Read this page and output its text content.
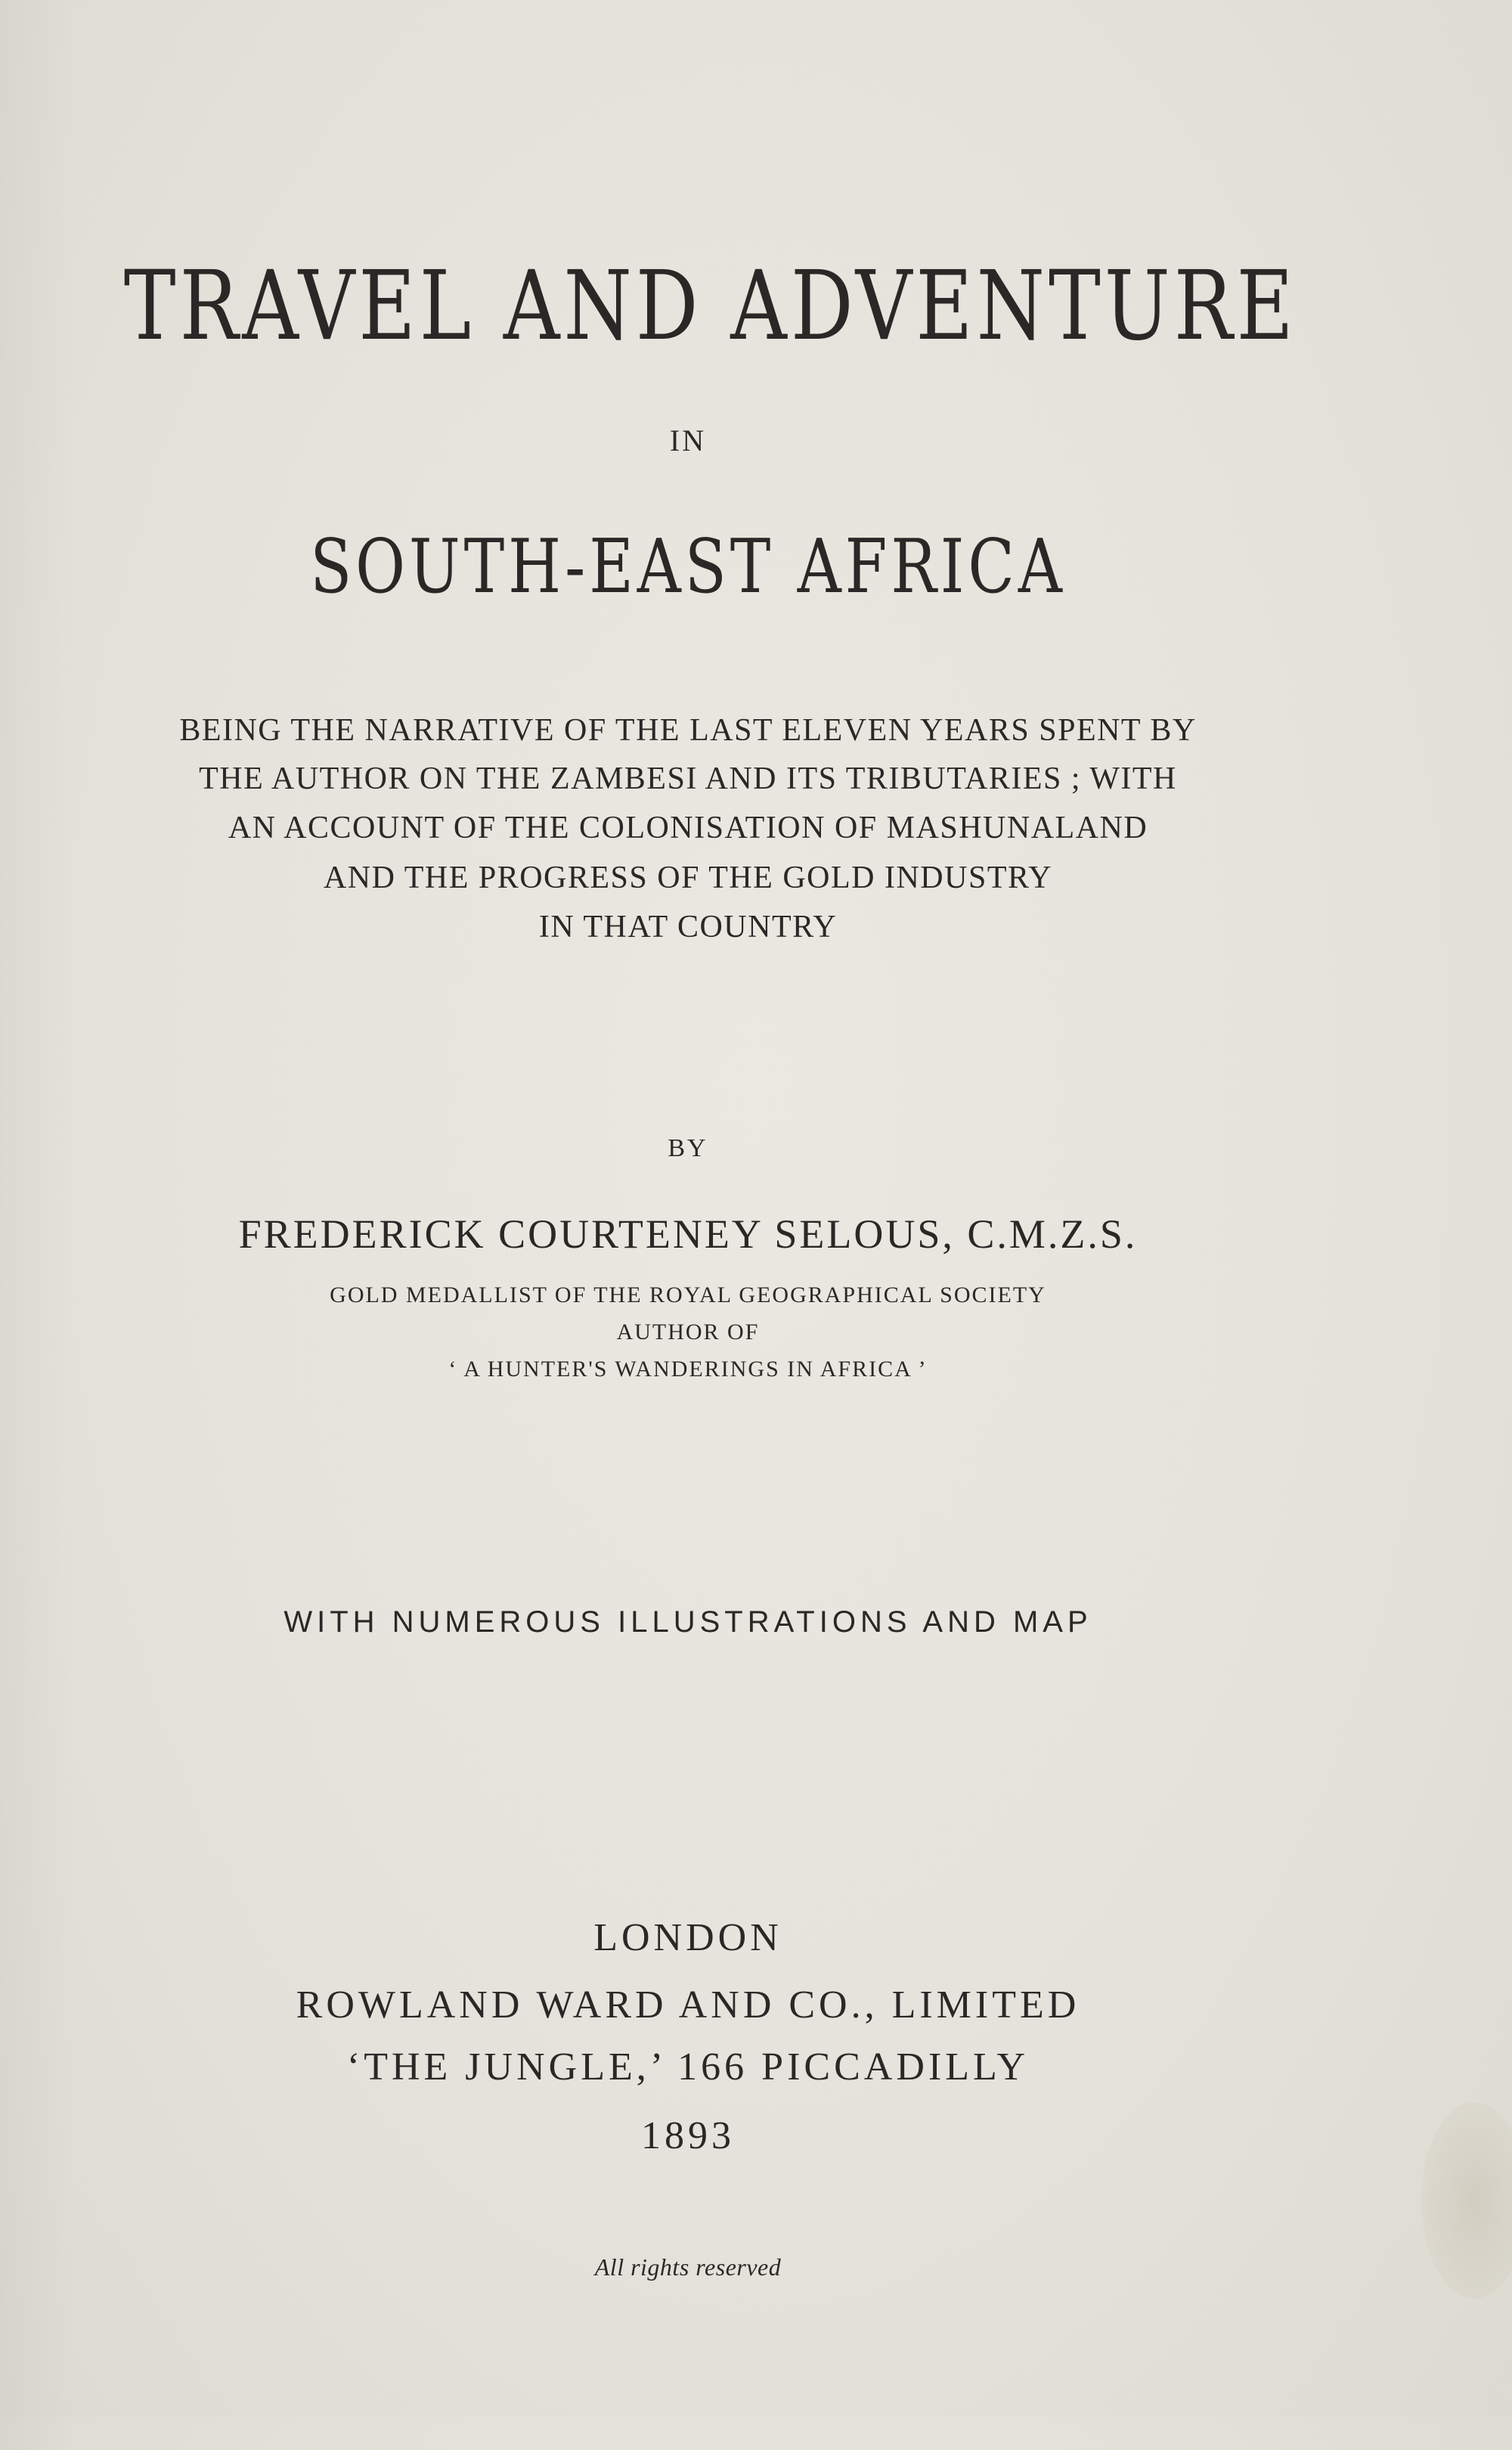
TRAVEL AND ADVENTURE
IN
SOUTH-EAST AFRICA
BEING THE NARRATIVE OF THE LAST ELEVEN YEARS SPENT BY
THE AUTHOR ON THE ZAMBESI AND ITS TRIBUTARIES ; WITH
AN ACCOUNT OF THE COLONISATION OF MASHUNALAND
AND THE PROGRESS OF THE GOLD INDUSTRY
IN THAT COUNTRY
BY
FREDERICK COURTENEY SELOUS, C.M.Z.S.
GOLD MEDALLIST OF THE ROYAL GEOGRAPHICAL SOCIETY
AUTHOR OF
‘ A HUNTER'S WANDERINGS IN AFRICA ’
WITH NUMEROUS ILLUSTRATIONS AND MAP
LONDON
ROWLAND WARD AND CO., LIMITED
‘THE JUNGLE,’ 166 PICCADILLY
1893
All rights reserved
